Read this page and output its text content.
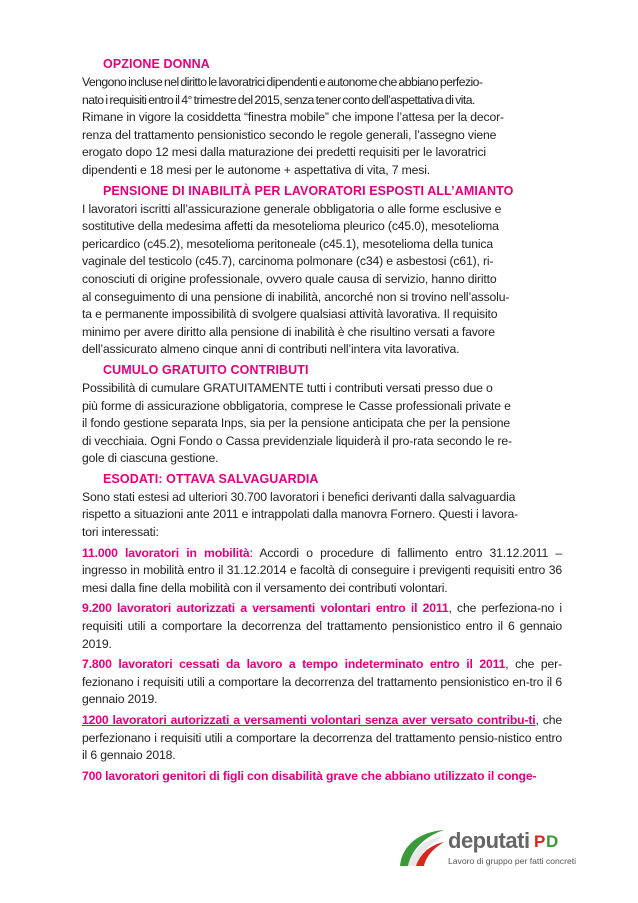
OPZIONE DONNA
Vengono incluse nel diritto le lavoratrici dipendenti e autonome che abbiano perfezio-
nato i requisiti entro il 4° trimestre del 2015, senza tener conto dell’aspettativa di vita.
Rimane in vigore la cosiddetta “finestra mobile” che impone l’attesa per la decor-
renza del trattamento pensionistico secondo le regole generali, l’assegno viene
erogato dopo 12 mesi dalla maturazione dei predetti requisiti per le lavoratrici
dipendenti e 18 mesi per le autonome + aspettativa di vita, 7 mesi.
PENSIONE DI INABILITÀ PER LAVORATORI ESPOSTI ALL’AMIANTO
I lavoratori iscritti all’assicurazione generale obbligatoria o alle forme esclusive e
sostitutive della medesima affetti da mesotelioma pleurico (c45.0), mesotelioma
pericardico (c45.2), mesotelioma peritoneale (c45.1), mesotelioma della tunica
vaginale del testicolo (c45.7), carcinoma polmonare (c34) e asbestosi (c61), ri-
conosciuti di origine professionale, ovvero quale causa di servizio, hanno diritto
al conseguimento di una pensione di inabilità, ancorché non si trovino nell’assolu-
ta e permanente impossibilità di svolgere qualsiasi attività lavorativa. Il requisito
minimo per avere diritto alla pensione di inabilità è che risultino versati a favore
dell’assicurato almeno cinque anni di contributi nell’intera vita lavorativa.
CUMULO GRATUITO CONTRIBUTI
Possibilità di cumulare GRATUITAMENTE tutti i contributi versati presso due o
più forme di assicurazione obbligatoria, comprese le Casse professionali private e
il fondo gestione separata Inps, sia per la pensione anticipata che per la pensione
di vecchiaia. Ogni Fondo o Cassa previdenziale liquiderà il pro-rata secondo le re-
gole di ciascuna gestione.
ESODATI: OTTAVA SALVAGUARDIA
Sono stati estesi ad ulteriori 30.700 lavoratori i benefici derivanti dalla salvaguardia
rispetto a situazioni ante 2011 e intrappolati dalla manovra Fornero. Questi i lavora-
tori interessati:
11.000 lavoratori in mobilità: Accordi o procedure di fallimento entro 31.12.2011 – ingresso in mobilità entro il 31.12.2014 e facoltà di conseguire i previgenti requisiti entro 36 mesi dalla fine della mobilità con il versamento dei contributi volontari.
9.200 lavoratori autorizzati a versamenti volontari entro il 2011, che perfeziona-no i requisiti utili a comportare la decorrenza del trattamento pensionistico entro il 6 gennaio 2019.
7.800 lavoratori cessati da lavoro a tempo indeterminato entro il 2011, che per-fezionano i requisiti utili a comportare la decorrenza del trattamento pensionistico en-tro il 6 gennaio 2019.
1200 lavoratori autorizzati a versamenti volontari senza aver versato contribu-ti, che perfezionano i requisiti utili a comportare la decorrenza del trattamento pensio-nistico entro il 6 gennaio 2018.
700 lavoratori genitori di figli con disabilità grave che abbiano utilizzato il conge-
deputati P D
Lavoro di gruppo per fatti concreti
